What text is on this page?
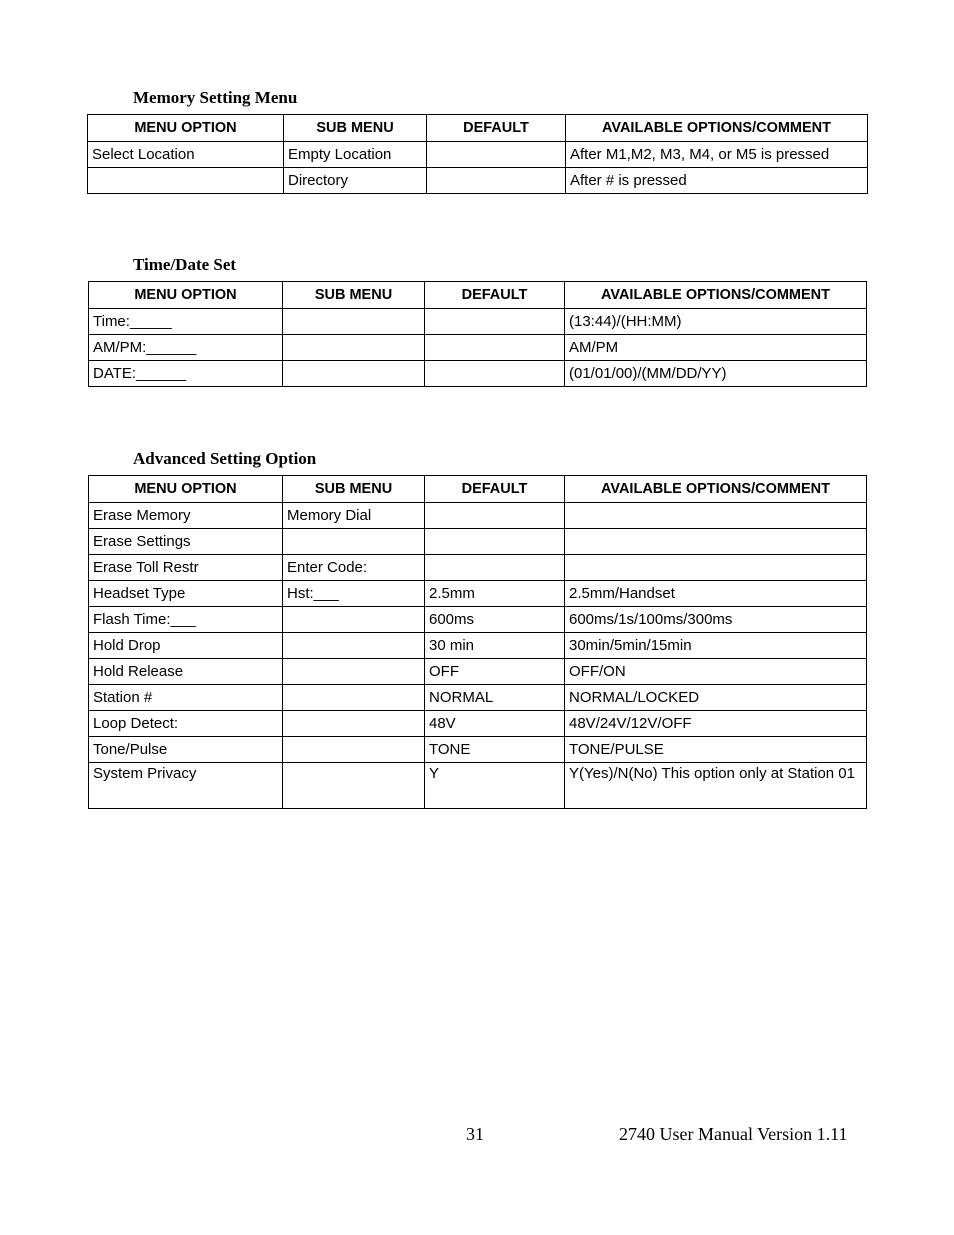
Memory Setting Menu
MENU OPTION	SUB MENU	DEFAULT	AVAILABLE OPTIONS/COMMENT
Select Location	Empty Location		After M1,M2, M3, M4, or M5 is pressed
	Directory		After # is pressed
Time/Date Set
MENU OPTION	SUB MENU	DEFAULT	AVAILABLE OPTIONS/COMMENT
Time:_____			(13:44)/(HH:MM)
AM/PM:______			AM/PM
DATE:______			(01/01/00)/(MM/DD/YY)
Advanced Setting Option
MENU OPTION	SUB MENU	DEFAULT	AVAILABLE OPTIONS/COMMENT
Erase Memory	Memory Dial		
Erase Settings			
Erase Toll Restr	Enter Code:		
Headset Type	Hst:___	2.5mm	2.5mm/Handset
Flash Time:___		600ms	600ms/1s/100ms/300ms
Hold Drop		30 min	30min/5min/15min
Hold Release		OFF	OFF/ON
Station #		NORMAL	NORMAL/LOCKED
Loop Detect:		48V	48V/24V/12V/OFF
Tone/Pulse		TONE	TONE/PULSE
System Privacy		Y	Y(Yes)/N(No) This option only at Station 01
31	2740 User Manual Version 1.11
